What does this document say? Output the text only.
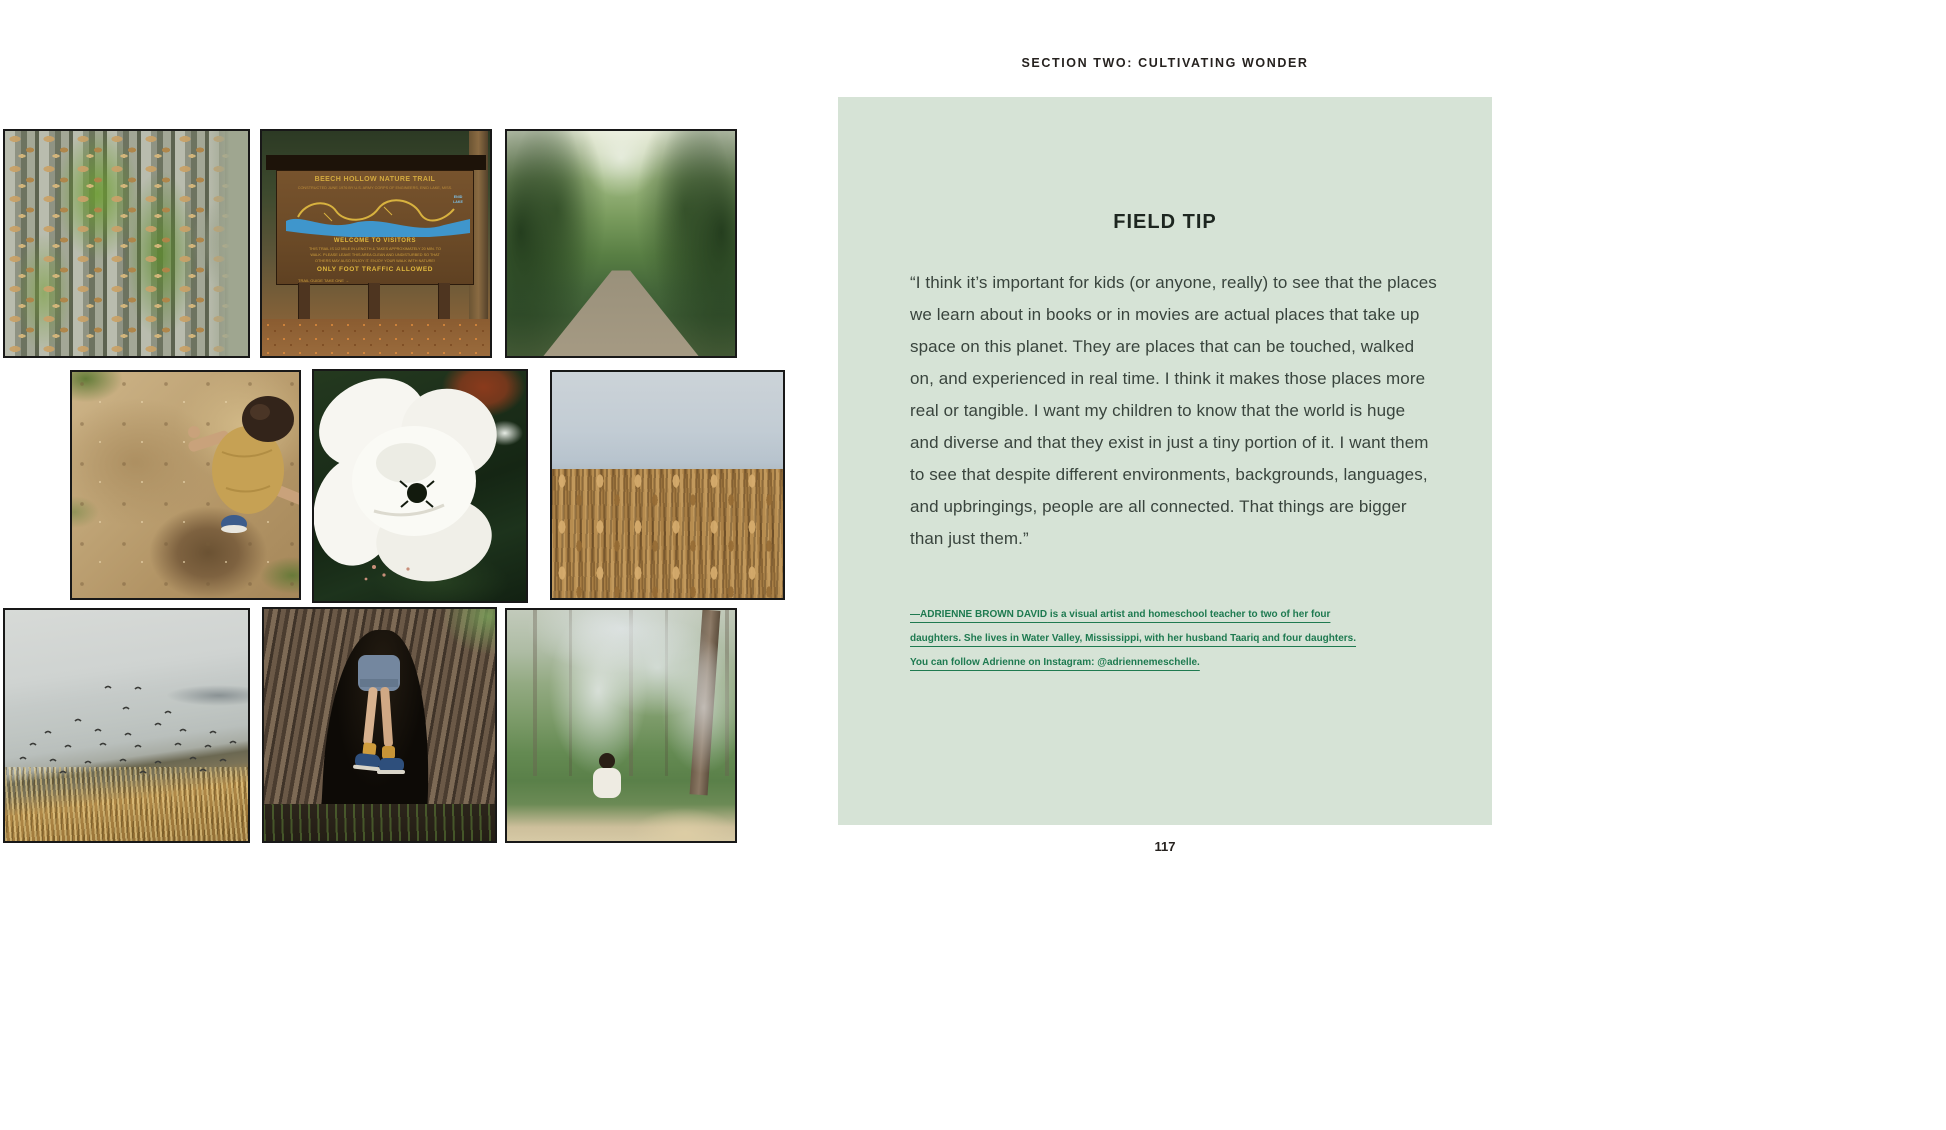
SECTION TWO: CULTIVATING WONDER
BEECH HOLLOW NATURE TRAIL
CONSTRUCTED JUNE 1976 BY U.S. ARMY CORPS OF ENGINEERS, ENID LAKE, MISS.
ENID LAKE
WELCOME TO VISITORS
THIS TRAIL IS 1/2 MILE IN LENGTH & TAKES APPROXIMATELY 20 MIN. TO
WALK. PLEASE LEAVE THIS AREA CLEAN AND UNDISTURBED SO THAT
OTHERS MAY ALSO ENJOY IT. ENJOY YOUR WALK WITH NATURE!
ONLY FOOT TRAFFIC ALLOWED
TRAIL GUIDE TAKE ONE →
FIELD TIP

“I think it’s important for kids (or anyone, really) to see that the places we learn about in books or in movies are actual places that take up space on this planet. They are places that can be touched, walked on, and experienced in real time. I think it makes those places more real or tangible. I want my children to know that the world is huge and diverse and that they exist in just a tiny portion of it. I want them to see that despite different environments, backgrounds, languages, and upbringings, people are all connected. That things are bigger than just them.”

—ADRIENNE BROWN DAVID is a visual artist and homeschool teacher to two of her four
daughters. She lives in Water Valley, Mississippi, with her husband Taariq and four daughters.
You can follow Adrienne on Instagram: @adriennemeschelle.
117
